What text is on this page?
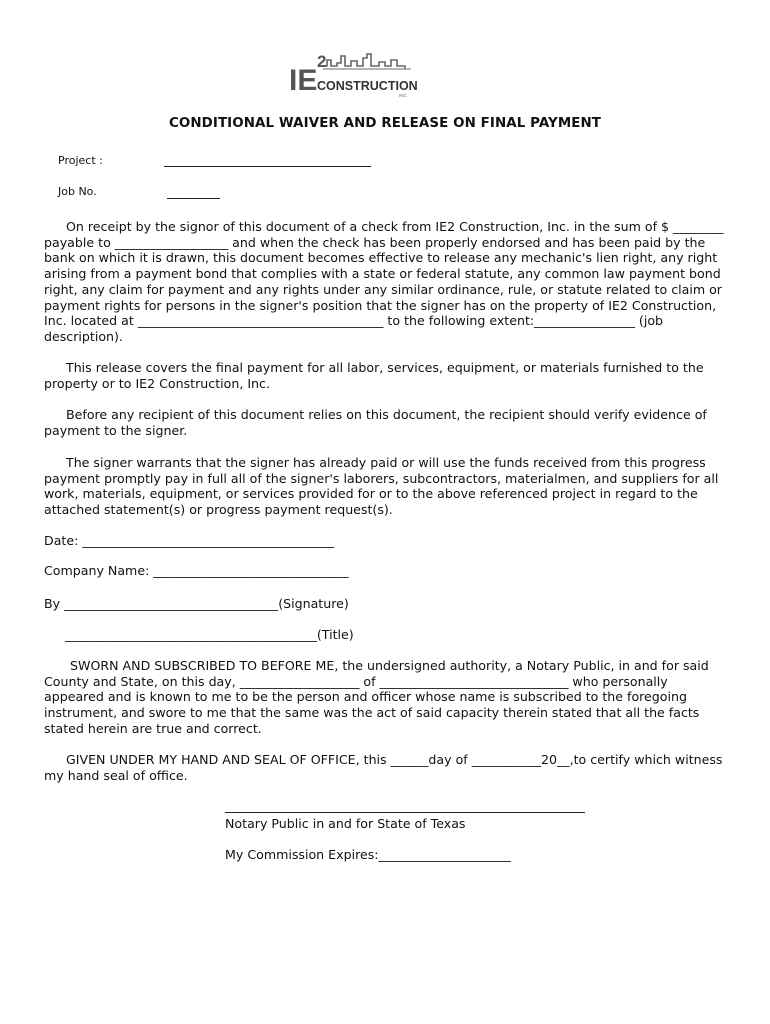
IE
2
CONSTRUCTION
INC
CONDITIONAL WAIVER AND RELEASE ON FINAL PAYMENT
Project :
Job No.

On receipt by the signor of this document of a check from IE2 Construction, Inc. in the sum of $ ________ payable to __________________ and when the check has been properly endorsed and has been paid by the bank on which it is drawn, this document becomes effective to release any mechanic's lien right, any right arising from a payment bond that complies with a state or federal statute, any common law payment bond right, any claim for payment and any rights under any similar ordinance, rule, or statute related to claim or payment rights for persons in the signer's position that the signer has on the property of IE2 Construction, Inc. located at _______________________________________ to the following extent:________________ (job description).

This release covers the final payment for all labor, services, equipment, or materials furnished to the property or to IE2 Construction, Inc.

Before any recipient of this document relies on this document, the recipient should verify evidence of payment to the signer.

The signer warrants that the signer has already paid or will use the funds received from this progress payment promptly pay in full all of the signer's laborers, subcontractors, materialmen, and suppliers for all work, materials, equipment, or services provided for or to the above referenced project in regard to the attached statement(s) or progress payment request(s).

Date: ________________________________________
Company Name: _______________________________
By __________________________________(Signature)
________________________________________(Title)

SWORN AND SUBSCRIBED TO BEFORE ME, the undersigned authority, a Notary Public, in and for said County and State, on this day, ___________________ of ______________________________ who personally appeared and is known to me to be the person and officer whose name is subscribed to the foregoing instrument, and swore to me that the same was the act of said capacity therein stated that all the facts stated herein are true and correct.

GIVEN UNDER MY HAND AND SEAL OF OFFICE, this ______day of ___________20__,to certify which witness my hand seal of office.

Notary Public in and for State of Texas
My Commission Expires:_____________________
